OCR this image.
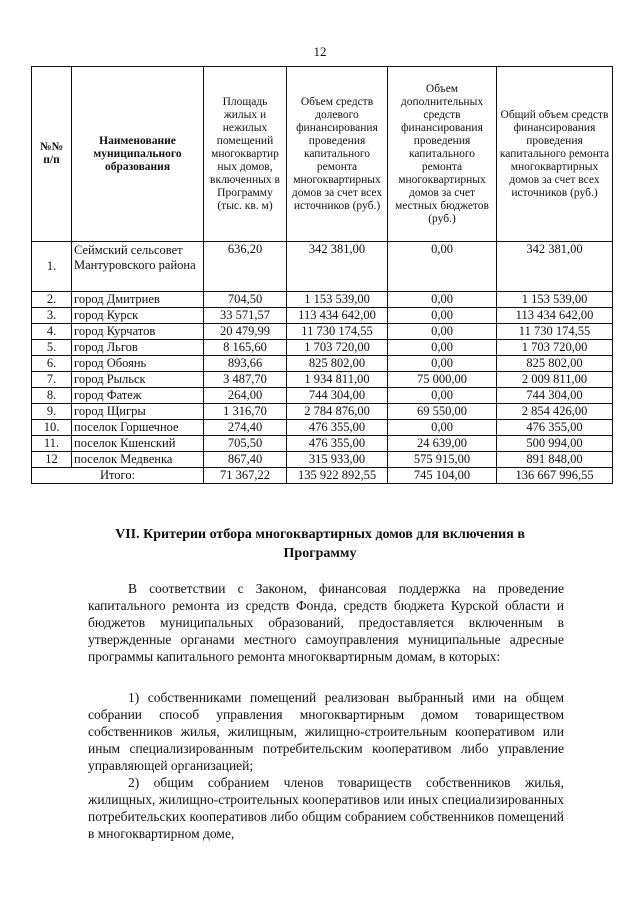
12
№№ п/п	Наименование муниципального образования	Площадь жилых и нежилых помещений многоквартир ных домов, включенных в Программу (тыс. кв. м)	Объем средств долевого финансирования проведения капитального ремонта многоквартирных домов за счет всех источников (руб.)	Объем дополнительных средств финансирования проведения капитального ремонта многоквартирных домов за счет местных бюджетов (руб.)	Общий объем средств финансирования проведения капитального ремонта многоквартирных домов за счет всех источников (руб.)
1.	Сеймский сельсовет Мантуровского района	636,20	342 381,00	0,00	342 381,00
2.	город Дмитриев	704,50	1 153 539,00	0,00	1 153 539,00
3.	город Курск	33 571,57	113 434 642,00	0,00	113 434 642,00
4.	город Курчатов	20 479,99	11 730 174,55	0,00	11 730 174,55
5.	город Льгов	8 165,60	1 703 720,00	0,00	1 703 720,00
6.	город Обоянь	893,66	825 802,00	0,00	825 802,00
7.	город Рыльск	3 487,70	1 934 811,00	75 000,00	2 009 811,00
8.	город Фатеж	264,00	744 304,00	0,00	744 304,00
9.	город Щигры	1 316,70	2 784 876,00	69 550,00	2 854 426,00
10.	поселок Горшечное	274,40	476 355,00	0,00	476 355,00
11.	поселок Кшенский	705,50	476 355,00	24 639,00	500 994,00
12	поселок Медвенка	867,40	315 933,00	575 915,00	891 848,00
Итого:		71 367,22	135 922 892,55	745 104,00	136 667 996,55
VII. Критерии отбора многоквартирных домов для включения в Программу
В соответствии с Законом, финансовая поддержка на проведение капитального ремонта из средств Фонда, средств бюджета Курской области и бюджетов муниципальных образований, предоставляется включенным в утвержденные органами местного самоуправления муниципальные адресные программы капитального ремонта многоквартирным домам, в которых:
1) собственниками помещений реализован выбранный ими на общем собрании способ управления многоквартирным домом товариществом собственников жилья, жилищным, жилищно-строительным кооперативом или иным специализированным потребительским кооперативом либо управление управляющей организацией;
2) общим собранием членов товариществ собственников жилья, жилищных, жилищно-строительных кооперативов или иных специализированных потребительских кооперативов либо общим собранием собственников помещений в многоквартирном доме,
